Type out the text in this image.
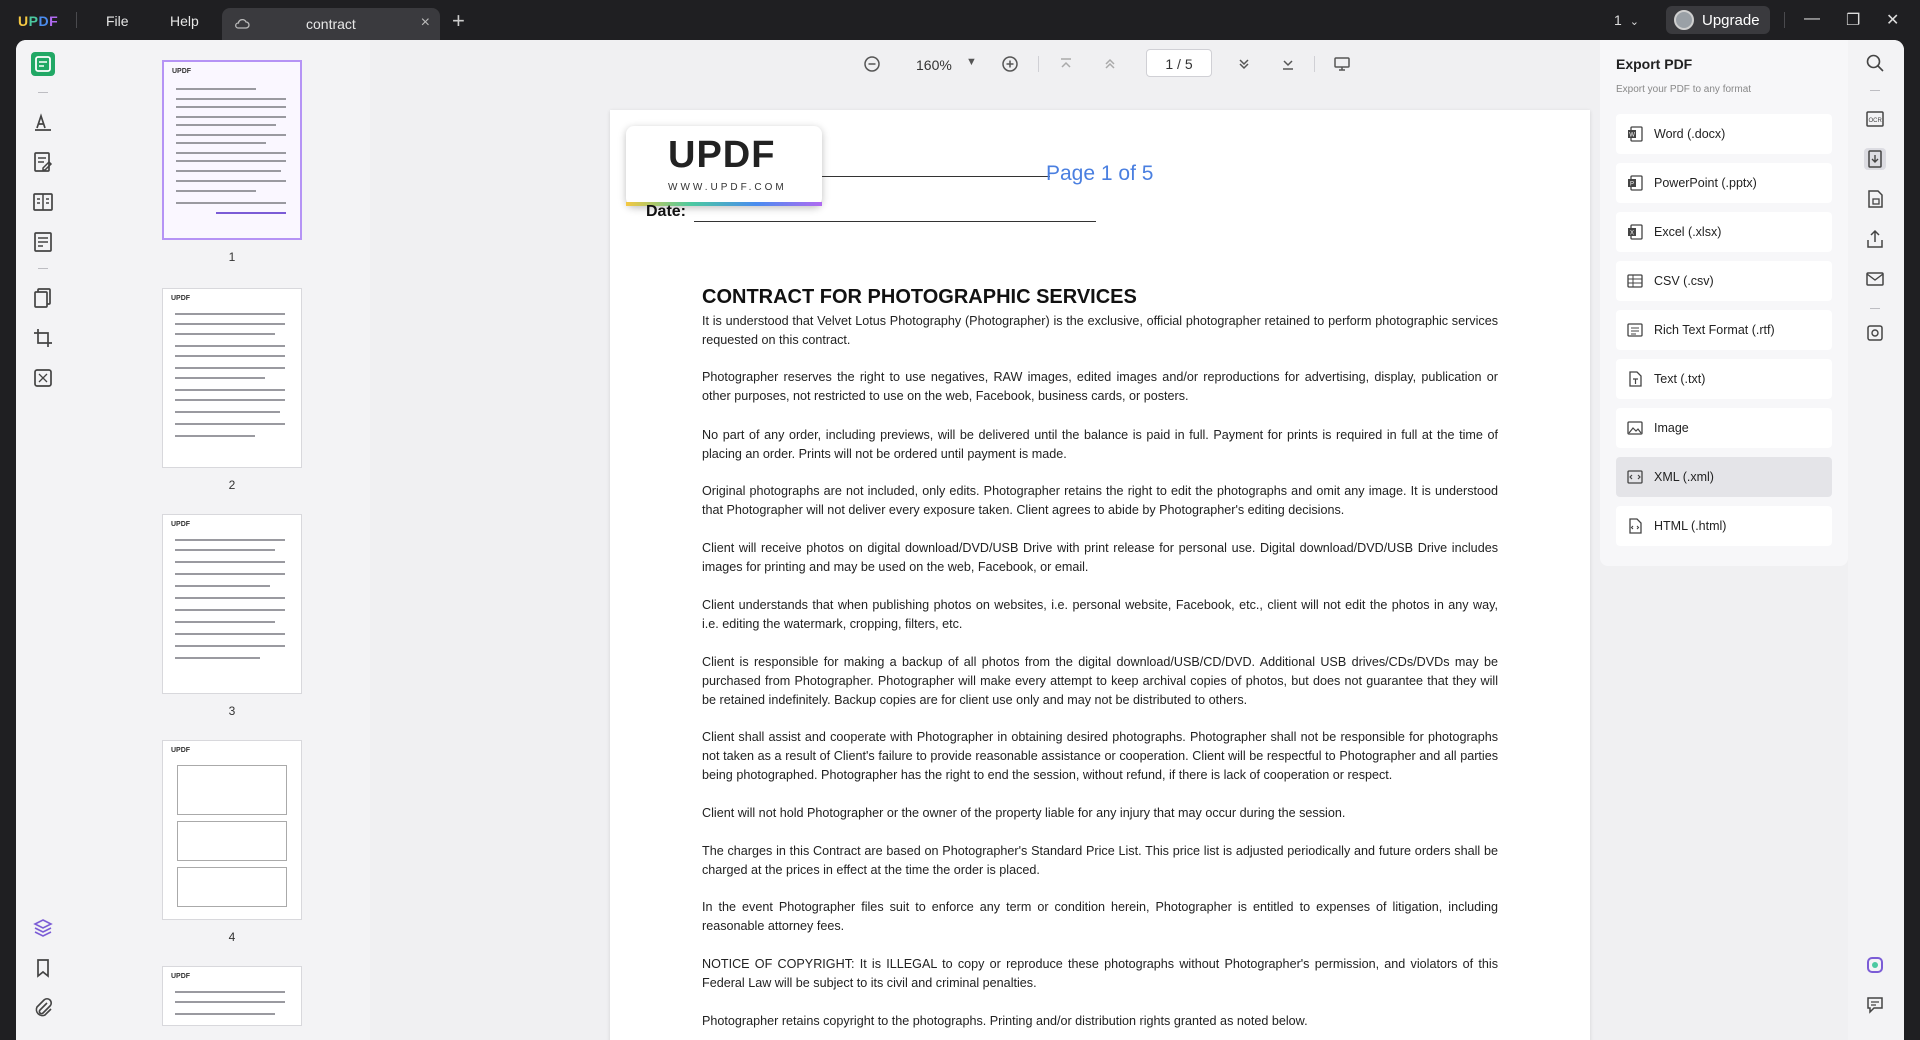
UPDF	File	Help	contract	× +	1 ⌄	Upgrade	— ❐ ✕
UPDF
1
UPDF
2
UPDF
3
UPDF
4
UPDF
160% ▼	1 / 5
UPDF
WWW.UPDF.COM
Page 1 of 5
Date:
CONTRACT FOR PHOTOGRAPHIC SERVICES
It is understood that Velvet Lotus Photography (Photographer) is the exclusive, official photographer retained to perform photographic services requested on this contract.
Photographer reserves the right to use negatives, RAW images, edited images and/or reproductions for advertising, display, publication or other purposes, not restricted to use on the web, Facebook, business cards, or posters.
No part of any order, including previews, will be delivered until the balance is paid in full. Payment for prints is required in full at the time of placing an order. Prints will not be ordered until payment is made.
Original photographs are not included, only edits. Photographer retains the right to edit the photographs and omit any image. It is understood that Photographer will not deliver every exposure taken. Client agrees to abide by Photographer's editing decisions.
Client will receive photos on digital download/DVD/USB Drive with print release for personal use. Digital download/DVD/USB Drive includes images for printing and may be used on the web, Facebook, or email.
Client understands that when publishing photos on websites, i.e. personal website, Facebook, etc., client will not edit the photos in any way, i.e. editing the watermark, cropping, filters, etc.
Client is responsible for making a backup of all photos from the digital download/USB/CD/DVD. Additional USB drives/CDs/DVDs may be purchased from Photographer. Photographer will make every attempt to keep archival copies of photos, but does not guarantee that they will be retained indefinitely. Backup copies are for client use only and may not be distributed to others.
Client shall assist and cooperate with Photographer in obtaining desired photographs. Photographer shall not be responsible for photographs not taken as a result of Client's failure to provide reasonable assistance or cooperation. Client will be respectful to Photographer and all parties being photographed. Photographer has the right to end the session, without refund, if there is lack of cooperation or respect.
Client will not hold Photographer or the owner of the property liable for any injury that may occur during the session.
The charges in this Contract are based on Photographer's Standard Price List. This price list is adjusted periodically and future orders shall be charged at the prices in effect at the time the order is placed.
In the event Photographer files suit to enforce any term or condition herein, Photographer is entitled to expenses of litigation, including reasonable attorney fees.
NOTICE OF COPYRIGHT: It is ILLEGAL to copy or reproduce these photographs without Photographer's permission, and violators of this Federal Law will be subject to its civil and criminal penalties.
Photographer retains copyright to the photographs. Printing and/or distribution rights granted as noted below.
Export PDF
Export your PDF to any format
W Word (.docx)
P PowerPoint (.pptx)
X Excel (.xlsx)
CSV (.csv)
Rich Text Format (.rtf)
Text (.txt)
Image
XML (.xml)
HTML (.html)
OCR
